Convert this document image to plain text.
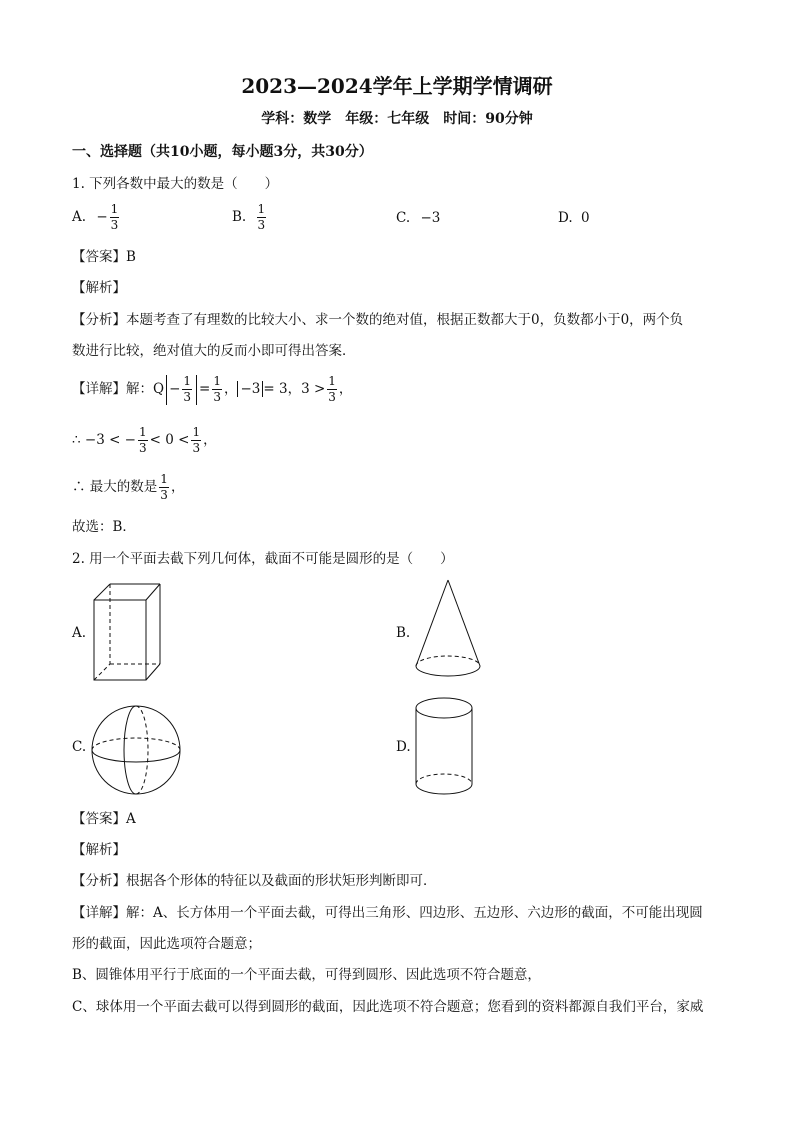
2023—2024学年上学期学情调研
学科：数学　年级：七年级　时间：90分钟
一、选择题（共10小题，每小题3分，共30分）
1. 下列各数中最大的数是（　　）
A. − $\frac{1}{3}$	B. $\frac{1}{3}$	C. −3	D. 0
【答案】B
【解析】
【分析】本题考查了有理数的比较大小、求一个数的绝对值，根据正数都大于0，负数都小于0，两个负
数进行比较，绝对值大的反而小即可得出答案．
【详解】解：$Q - \frac{1}{3} = \frac{1}{3}$ ， −3 = 3，$3 > \frac{1}{3}$ ，
∴ −3 < − $\frac{1}{3} < 0 < \frac{1}{3}$ ，
∴ 最大的数是 $\frac{1}{3}$ ，
故选：B．
2. 用一个平面去截下列几何体，截面不可能是圆形的是（　　）
A.	B.
C.	D.
【答案】A
【解析】
【分析】根据各个形体的特征以及截面的形状矩形判断即可．
【详解】解：A、长方体用一个平面去截，可得出三角形、四边形、五边形、六边形的截面，不可能出现圆
形的截面，因此选项符合题意；
B、圆锥体用平行于底面的一个平面去截，可得到圆形、因此选项不符合题意，
C、球体用一个平面去截可以得到圆形的截面，因此选项不符合题意；您看到的资料都源自我们平台，家威
